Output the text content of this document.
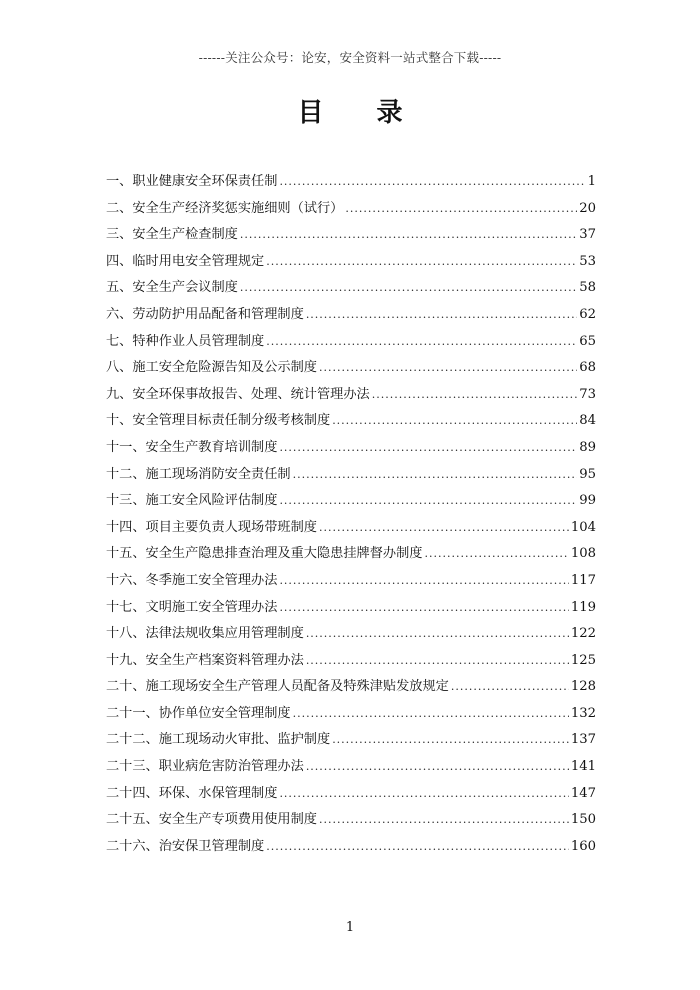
------关注公众号：论安，安全资料一站式整合下载-----
目 录
一、职业健康安全环保责任制 .....	1
二、安全生产经济奖惩实施细则（试行） .....	20
三、安全生产检查制度 .....	37
四、临时用电安全管理规定 .....	53
五、安全生产会议制度 .....	58
六、劳动防护用品配备和管理制度 .....	62
七、特种作业人员管理制度 .....	65
八、施工安全危险源告知及公示制度 .....	68
九、安全环保事故报告、处理、统计管理办法 .....	73
十、安全管理目标责任制分级考核制度 .....	84
十一、安全生产教育培训制度 .....	89
十二、施工现场消防安全责任制 .....	95
十三、施工安全风险评估制度 .....	99
十四、项目主要负责人现场带班制度 .....	104
十五、安全生产隐患排查治理及重大隐患挂牌督办制度 .....	108
十六、冬季施工安全管理办法 .....	117
十七、文明施工安全管理办法 .....	119
十八、法律法规收集应用管理制度 .....	122
十九、安全生产档案资料管理办法 .....	125
二十、施工现场安全生产管理人员配备及特殊津贴发放规定 .....	128
二十一、协作单位安全管理制度 .....	132
二十二、施工现场动火审批、监护制度 .....	137
二十三、职业病危害防治管理办法 .....	141
二十四、环保、水保管理制度 .....	147
二十五、安全生产专项费用使用制度 .....	150
二十六、治安保卫管理制度 .....	160
1
